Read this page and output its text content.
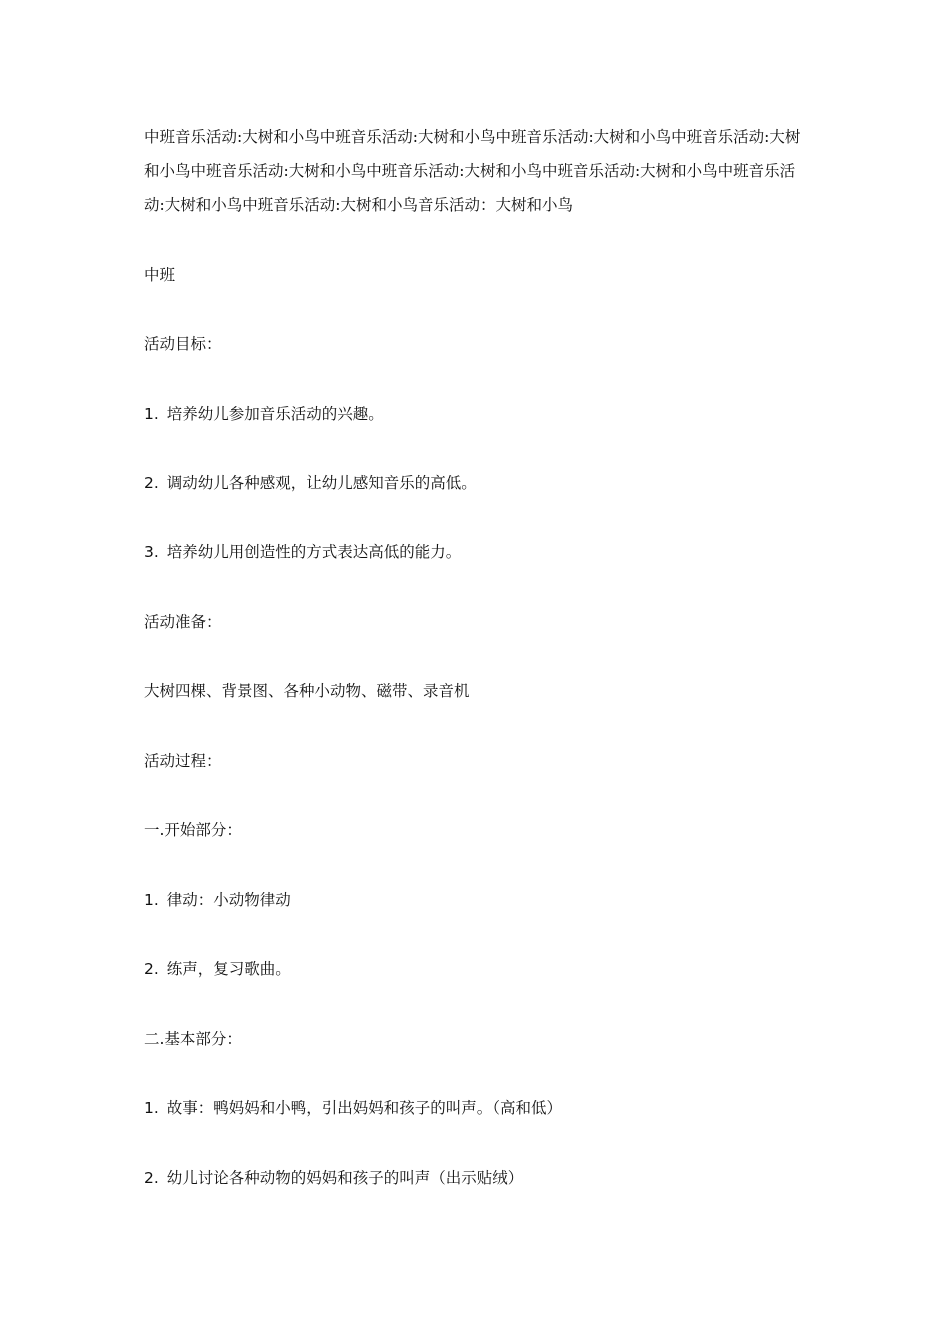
中班音乐活动:大树和小鸟中班音乐活动:大树和小鸟中班音乐活动:大树和小鸟中班音乐活动:大树和小鸟中班音乐活动:大树和小鸟中班音乐活动:大树和小鸟中班音乐活动:大树和小鸟中班音乐活动:大树和小鸟中班音乐活动:大树和小鸟音乐活动：大树和小鸟

中班

活动目标：

1. 培养幼儿参加音乐活动的兴趣。

2. 调动幼儿各种感观，让幼儿感知音乐的高低。

3. 培养幼儿用创造性的方式表达高低的能力。

活动准备：

大树四棵、背景图、各种小动物、磁带、录音机

活动过程：

一.开始部分：

1. 律动：小动物律动

2. 练声，复习歌曲。

二.基本部分：

1. 故事：鸭妈妈和小鸭，引出妈妈和孩子的叫声。（高和低）

2. 幼儿讨论各种动物的妈妈和孩子的叫声（出示贴绒）
